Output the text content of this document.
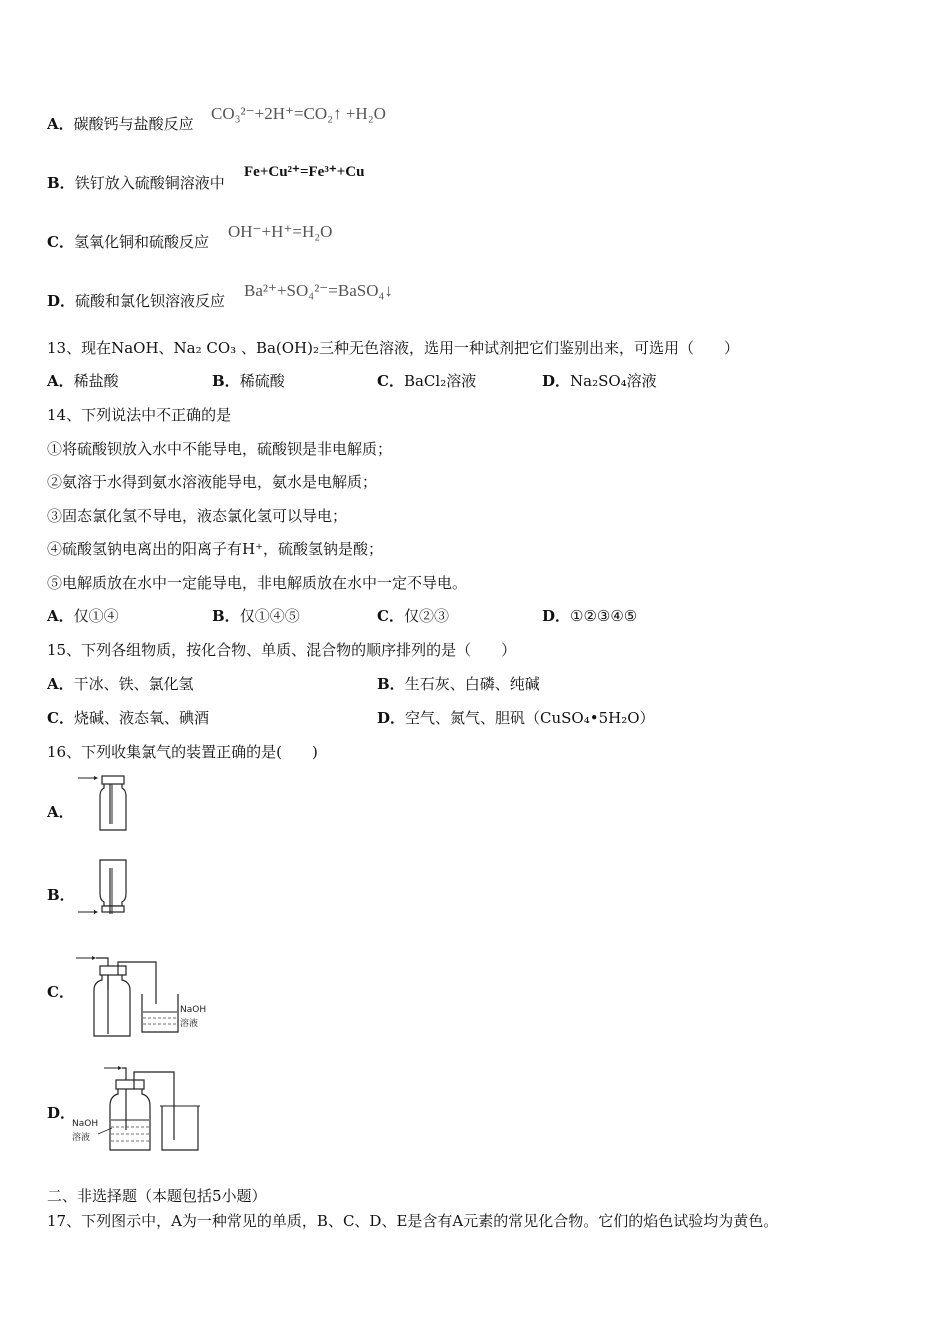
A．碳酸钙与盐酸反应
CO₃²⁻+2H⁺=CO₂↑ +H₂O
B．铁钉放入硫酸铜溶液中
Fe+Cu²⁺=Fe³⁺+Cu
C．氢氧化铜和硫酸反应
OH⁻+H⁺=H₂O
D．硫酸和氯化钡溶液反应
Ba²⁺+SO₄²⁻=BaSO₄↓
13、现在NaOH、Na₂ CO₃ 、Ba(OH)₂三种无色溶液，选用一种试剂把它们鉴别出来，可选用（　　）
A．稀盐酸	B．稀硫酸	C．BaCl₂溶液	D．Na₂SO₄溶液
14、下列说法中不正确的是
①将硫酸钡放入水中不能导电，硫酸钡是非电解质；
②氨溶于水得到氨水溶液能导电，氨水是电解质；
③固态氯化氢不导电，液态氯化氢可以导电；
④硫酸氢钠电离出的阳离子有H⁺，硫酸氢钠是酸；
⑤电解质放在水中一定能导电，非电解质放在水中一定不导电。
A．仅①④	B．仅①④⑤	C．仅②③	D．①②③④⑤
15、下列各组物质，按化合物、单质、混合物的顺序排列的是（　　）
A．干冰、铁、氯化氢	B．生石灰、白磷、纯碱
C．烧碱、液态氧、碘酒	D．空气、氮气、胆矾（CuSO₄•5H₂O）
16、下列收集氯气的装置正确的是(　　)
A．
B．
C．
NaOH
溶液
D．
NaOH
溶液
二、非选择题（本题包括5小题）
17、下列图示中，A为一种常见的单质，B、C、D、E是含有A元素的常见化合物。它们的焰色试验均为黄色。
